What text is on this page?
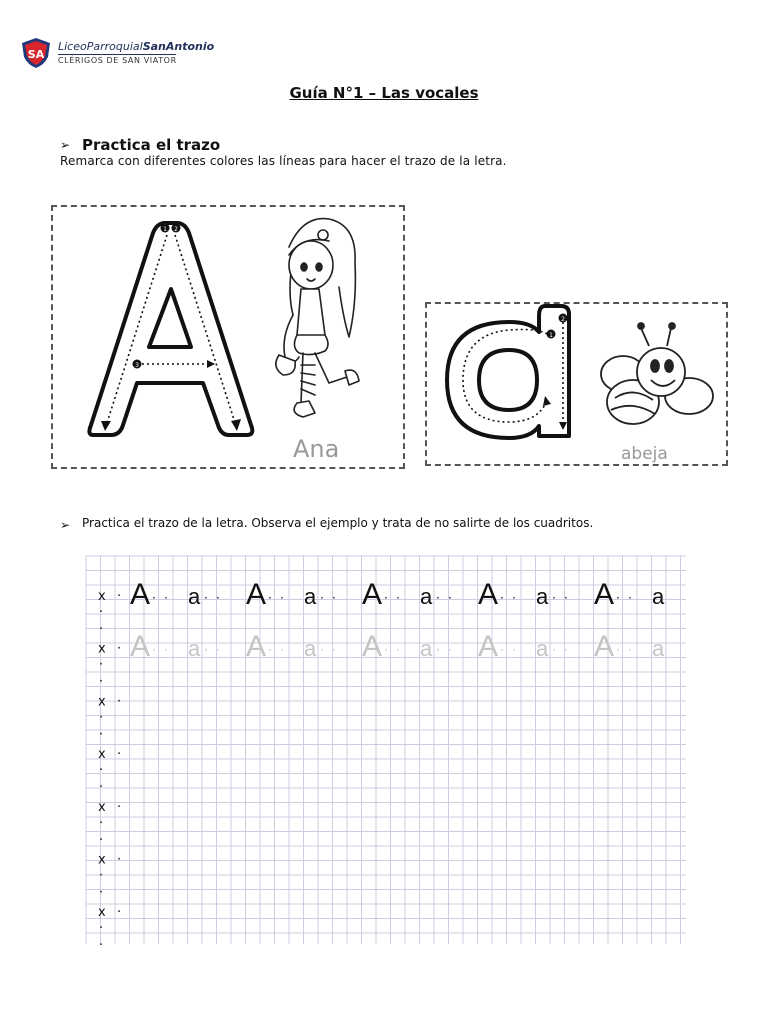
SA
LiceoParroquialSanAntonio
CLÉRIGOS DE SAN VIATOR
Guía N°1 – Las vocales
➢ Practica el trazo
Remarca con diferentes colores las líneas para hacer el trazo de la letra.
1 2
3
Ana
1
2
abeja
➢ Practica el trazo de la letra. Observa el ejemplo y trata de no salirte de los cuadritos.
x ·
·
·
x ·
·
·
x ·
·
·
x ·
·
·
x ·
·
·
x ·
·
·
x ·
·
·
A · · a · · A · · a · · A · · a · · A · · a · · A · · a
A · · a · · A · · a · · A · · a · · A · · a · · A · · a
